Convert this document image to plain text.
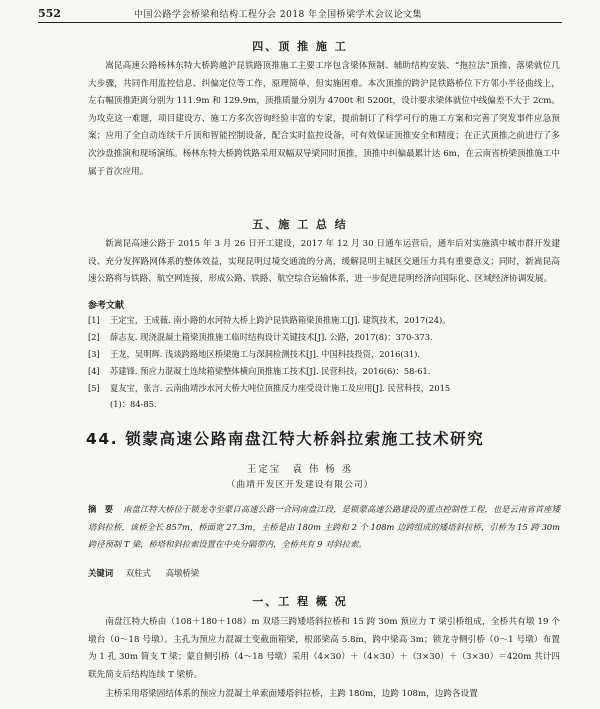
552	中国公路学会桥梁和结构工程分会 2018 年全国桥梁学术会议论文集
四、顶 推 施 工
嵩昆高速公路杨林东特大桥跨越沪昆铁路顶推施工主要工序包含梁体预制、辅助结构安装、“拖拉法”顶推、落梁就位几大步骤，共同作用监控信息、纠偏定位等工作，原理简单，但实施困难。本次顶推的跨沪昆铁路桥位下方邻小半径曲线上，左右幅顶推距离分别为 111.9m 和 129.9m，顶推质量分别为 4700t 和 5200t，设计要求梁体就位中线偏差不大于 2cm。为攻克这一难题，项目建设方、施工方多次咨询经验丰富的专家，提前制订了科学可行的施工方案和完善了突发事件应急预案；应用了全自动连续千斤顶和智能控制设备，配合实时监控设备，可有效保证顶推安全和精度；在正式顶推之前进行了多次沙盘推演和现场演练。杨林东特大桥跨铁路采用双幅双导梁同时顶推，顶推中纠偏最累计达 6m，在云南省桥梁顶推施工中属于首次应用。
五、施 工 总 结
新嵩昆高速公路于 2015 年 3 月 26 日开工建设，2017 年 12 月 30 日通车运营后，通车后对实施滇中城市群开发建设、充分发挥路网体系的整体效益，实现昆明过境交通流的分离，缓解昆明主城区交通压力具有重要意义；同时，新嵩昆高速公路将与铁路、航空网连接，形成公路、铁路、航空综合运输体系，进一步促进昆明经济向国际化、区域经济协调发展。
参考文献
[1] 王定宝，王成薇. 南小路的水河特大桥上跨沪昆铁路箱梁顶推施工[J]. 建筑技术，2017(24)。
[2] 薛志友. 现浇混凝土箱梁顶推施工临时结构设计关键技术[J]. 公路，2017(8)：370-373.
[3] 王龙，吴明辉. 浅谈跨路地区桥梁施工与深洞检测技术[J]. 中国科技投资，2016(31).
[4] 苏建锋. 预应力混凝土连续箱梁整体横向顶推施工技术[J]. 民营科技，2016(6)：58-61.
[5] 夏友宝，张言. 云南曲靖沙水河大桥大吨位顶推反力座受设计施工及应用[J]. 民营科技，2015
(1)：84-85.
44. 锁蒙高速公路南盘江特大桥斜拉索施工技术研究
王定宝　袁 伟 杨 丞
（曲靖开发区开发建设有限公司）
摘　要 南盘江特大桥位于锁龙寺至蒙自高速公路一合同南盘江段，是锁蒙高速公路建设的重点控制性工程，也是云南省首座矮塔斜拉桥，该桥全长 857m，桥面宽 27.3m，主桥是由 180m 主跨和 2 个 108m 边跨组成的矮塔斜拉桥，引桥为 15 跨 30m 跨径预制 T 梁，桥塔和斜拉索设置在中央分隔带内，全桥共有 9 对斜拉索。
关键词 双柱式 高墩桥梁
一、工 程 概 况
南盘江特大桥由（108＋180＋108）m 双塔三跨矮塔斜拉桥和 15 跨 30m 预应力 T 梁引桥组成，全桥共有墩 19 个墩台（0～18 号墩）。主孔为预应力混凝土变截面箱梁，根部梁高 5.8m，跨中梁高 3m；锁龙寺侧引桥（0～1 号墩）布置为 1 孔 30m 简支 T 梁；蒙自侧引桥（4～18 号墩）采用（4×30）＋（4×30）＋（3×30）＋（3×30）＝420m 共计四联先简支后结构连续 T 梁桥。
主桥采用塔梁固结体系的预应力混凝土单索面矮塔斜拉桥，主跨 180m，边跨 108m，边跨各设置
